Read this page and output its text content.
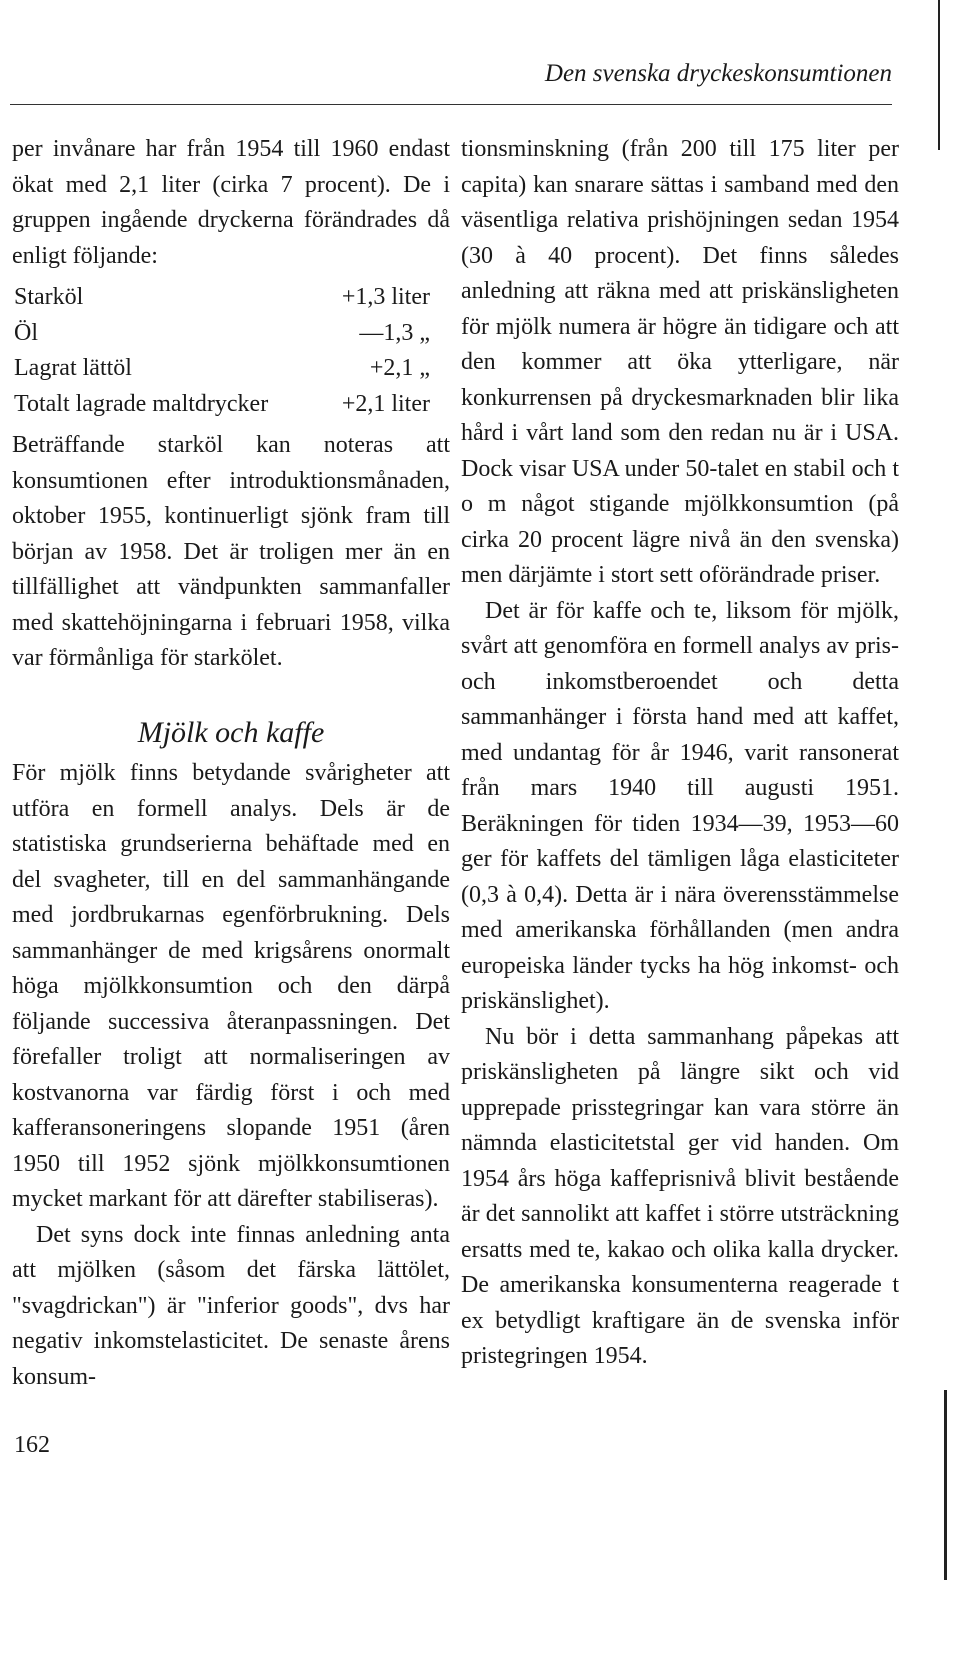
Den svenska dryckeskonsumtionen

per invånare har från 1954 till 1960 endast ökat med 2,1 liter (cirka 7 procent). De i gruppen ingående dryckerna förändrades då enligt följande:

Starköl	+1,3 liter
Öl	—1,3 „
Lagrat lättöl	+2,1 „
Totalt lagrade maltdrycker	+2,1 liter

Beträffande starköl kan noteras att konsumtionen efter introduktionsmånaden, oktober 1955, kontinuerligt sjönk fram till början av 1958. Det är troligen mer än en tillfällighet att vändpunkten sammanfaller med skattehöjningarna i februari 1958, vilka var förmånliga för starkölet.

Mjölk och kaffe

För mjölk finns betydande svårigheter att utföra en formell analys. Dels är de statistiska grundserierna behäftade med en del svagheter, till en del sammanhängande med jordbrukarnas egenförbrukning. Dels sammanhänger de med krigsårens onormalt höga mjölkkonsumtion och den därpå följande successiva återanpassningen. Det förefaller troligt att normaliseringen av kostvanorna var färdig först i och med kafferansoneringens slopande 1951 (åren 1950 till 1952 sjönk mjölkkonsumtionen mycket markant för att därefter stabiliseras).

Det syns dock inte finnas anledning anta att mjölken (såsom det färska lättölet, "svagdrickan") är "inferior goods", dvs har negativ inkomstelasticitet. De senaste årens konsum-

tionsminskning (från 200 till 175 liter per capita) kan snarare sättas i samband med den väsentliga relativa prishöjningen sedan 1954 (30 à 40 procent). Det finns således anledning att räkna med att priskänsligheten för mjölk numera är högre än tidigare och att den kommer att öka ytterligare, när konkurrensen på dryckesmarknaden blir lika hård i vårt land som den redan nu är i USA. Dock visar USA under 50-talet en stabil och t o m något stigande mjölkkonsumtion (på cirka 20 procent lägre nivå än den svenska) men därjämte i stort sett oförändrade priser.

Det är för kaffe och te, liksom för mjölk, svårt att genomföra en formell analys av pris- och inkomstberoendet och detta sammanhänger i första hand med att kaffet, med undantag för år 1946, varit ransonerat från mars 1940 till augusti 1951. Beräkningen för tiden 1934—39, 1953—60 ger för kaffets del tämligen låga elasticiteter (0,3 à 0,4). Detta är i nära överensstämmelse med amerikanska förhållanden (men andra europeiska länder tycks ha hög inkomst- och priskänslighet).

Nu bör i detta sammanhang påpekas att priskänsligheten på längre sikt och vid upprepade prisstegringar kan vara större än nämnda elasticitetstal ger vid handen. Om 1954 års höga kaffeprisnivå blivit bestående är det sannolikt att kaffet i större utsträckning ersatts med te, kakao och olika kalla drycker. De amerikanska konsumenterna reagerade t ex betydligt kraftigare än de svenska inför pristegringen 1954.

162
